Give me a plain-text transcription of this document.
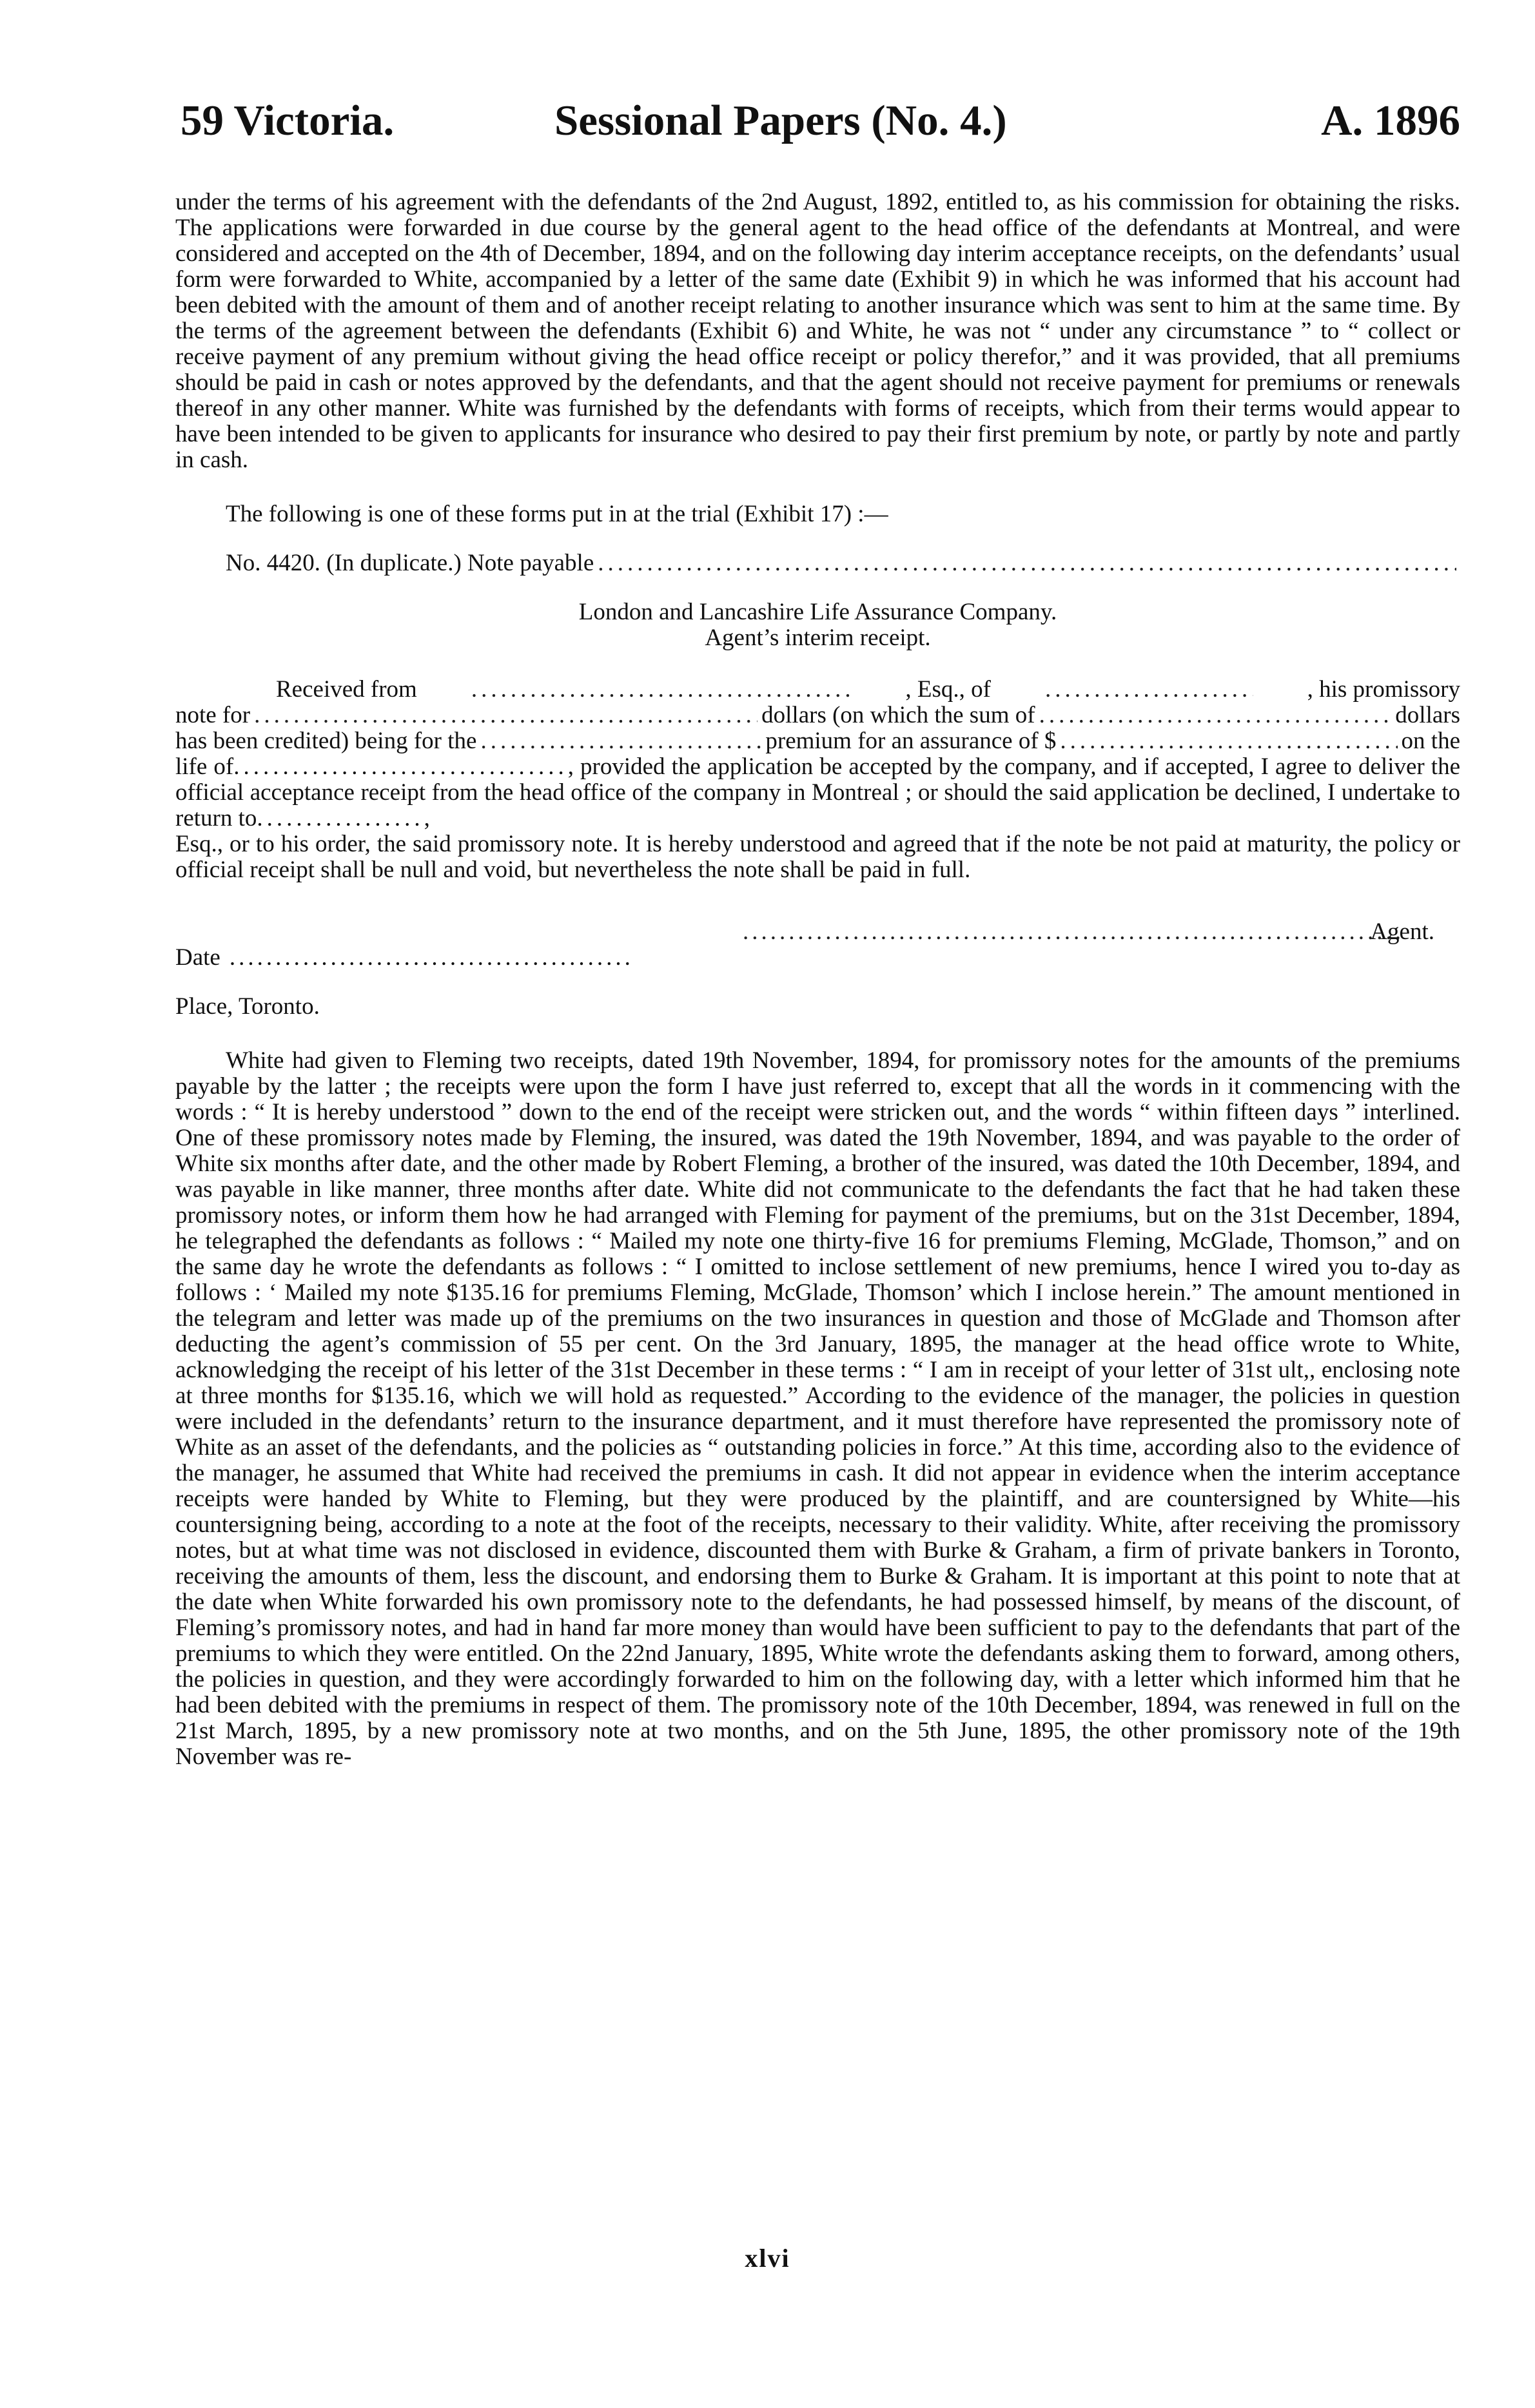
59 Victoria.	Sessional Papers (No. 4.)	A. 1896

under the terms of his agreement with the defendants of the 2nd August, 1892, entitled to, as his commission for obtaining the risks. The applications were forwarded in due course by the general agent to the head office of the defendants at Montreal, and were considered and accepted on the 4th of December, 1894, and on the following day interim acceptance receipts, on the defendants’ usual form were forwarded to White, accompanied by a letter of the same date (Exhibit 9) in which he was informed that his account had been debited with the amount of them and of another receipt relating to another insurance which was sent to him at the same time. By the terms of the agreement between the defendants (Exhibit 6) and White, he was not “ under any circumstance ” to “ collect or receive payment of any premium without giving the head office receipt or policy therefor,” and it was provided, that all premiums should be paid in cash or notes approved by the defendants, and that the agent should not receive payment for premiums or renewals thereof in any other manner. White was furnished by the defendants with forms of receipts, which from their terms would appear to have been intended to be given to applicants for insurance who desired to pay their first premium by note, or partly by note and partly in cash.

The following is one of these forms put in at the trial (Exhibit 17) :—

No. 4420. (In duplicate.) Note payable
.....

London and Lancashire Life Assurance Company.

Agent’s interim receipt.

Received from .....	, Esq., of .....	, his promissory

note for .....	dollars (on which the sum of .....	dollars

has been credited) being for the .....	premium for an assurance of $ .....	on the

life of.................................., provided the application be accepted by the company, and if accepted, I agree to deliver the official acceptance receipt from the head office of the company in Montreal ; or should the said application be declined, I undertake to return to.................,

Esq., or to his order, the said promissory note. It is hereby understood and agreed that if the note be not paid at maturity, the policy or official receipt shall be null and void, but nevertheless the note shall be paid in full.

.....
Date
.....
Agent.

Place, Toronto.

White had given to Fleming two receipts, dated 19th November, 1894, for promissory notes for the amounts of the premiums payable by the latter ; the receipts were upon the form I have just referred to, except that all the words in it commencing with the words : “ It is hereby understood ” down to the end of the receipt were stricken out, and the words “ within fifteen days ” interlined. One of these promissory notes made by Fleming, the insured, was dated the 19th November, 1894, and was payable to the order of White six months after date, and the other made by Robert Fleming, a brother of the insured, was dated the 10th December, 1894, and was payable in like manner, three months after date. White did not communicate to the defendants the fact that he had taken these promissory notes, or inform them how he had arranged with Fleming for payment of the premiums, but on the 31st December, 1894, he telegraphed the defendants as follows : “ Mailed my note one thirty-five 16 for premiums Fleming, McGlade, Thomson,” and on the same day he wrote the defendants as follows : “ I omitted to inclose settlement of new premiums, hence I wired you to-day as follows : ‘ Mailed my note $135.16 for premiums Fleming, McGlade, Thomson’ which I inclose herein.” The amount mentioned in the telegram and letter was made up of the premiums on the two insurances in question and those of McGlade and Thomson after deducting the agent’s commission of 55 per cent. On the 3rd January, 1895, the manager at the head office wrote to White, acknowledging the receipt of his letter of the 31st December in these terms : “ I am in receipt of your letter of 31st ult,, enclosing note at three months for $135.16, which we will hold as requested.” According to the evidence of the manager, the policies in question were included in the defendants’ return to the insurance department, and it must therefore have represented the promissory note of White as an asset of the defendants, and the policies as “ outstanding policies in force.” At this time, according also to the evidence of the manager, he assumed that White had received the premiums in cash. It did not appear in evidence when the interim acceptance receipts were handed by White to Fleming, but they were produced by the plaintiff, and are countersigned by White—his countersigning being, according to a note at the foot of the receipts, necessary to their validity. White, after receiving the promissory notes, but at what time was not disclosed in evidence, discounted them with Burke & Graham, a firm of private bankers in Toronto, receiving the amounts of them, less the discount, and endorsing them to Burke & Graham. It is important at this point to note that at the date when White forwarded his own promissory note to the defendants, he had possessed himself, by means of the discount, of Fleming’s promissory notes, and had in hand far more money than would have been sufficient to pay to the defendants that part of the premiums to which they were entitled. On the 22nd January, 1895, White wrote the defendants asking them to forward, among others, the policies in question, and they were accordingly forwarded to him on the following day, with a letter which informed him that he had been debited with the premiums in respect of them. The promissory note of the 10th December, 1894, was renewed in full on the 21st March, 1895, by a new promissory note at two months, and on the 5th June, 1895, the other promissory note of the 19th November was re-

xlvi
